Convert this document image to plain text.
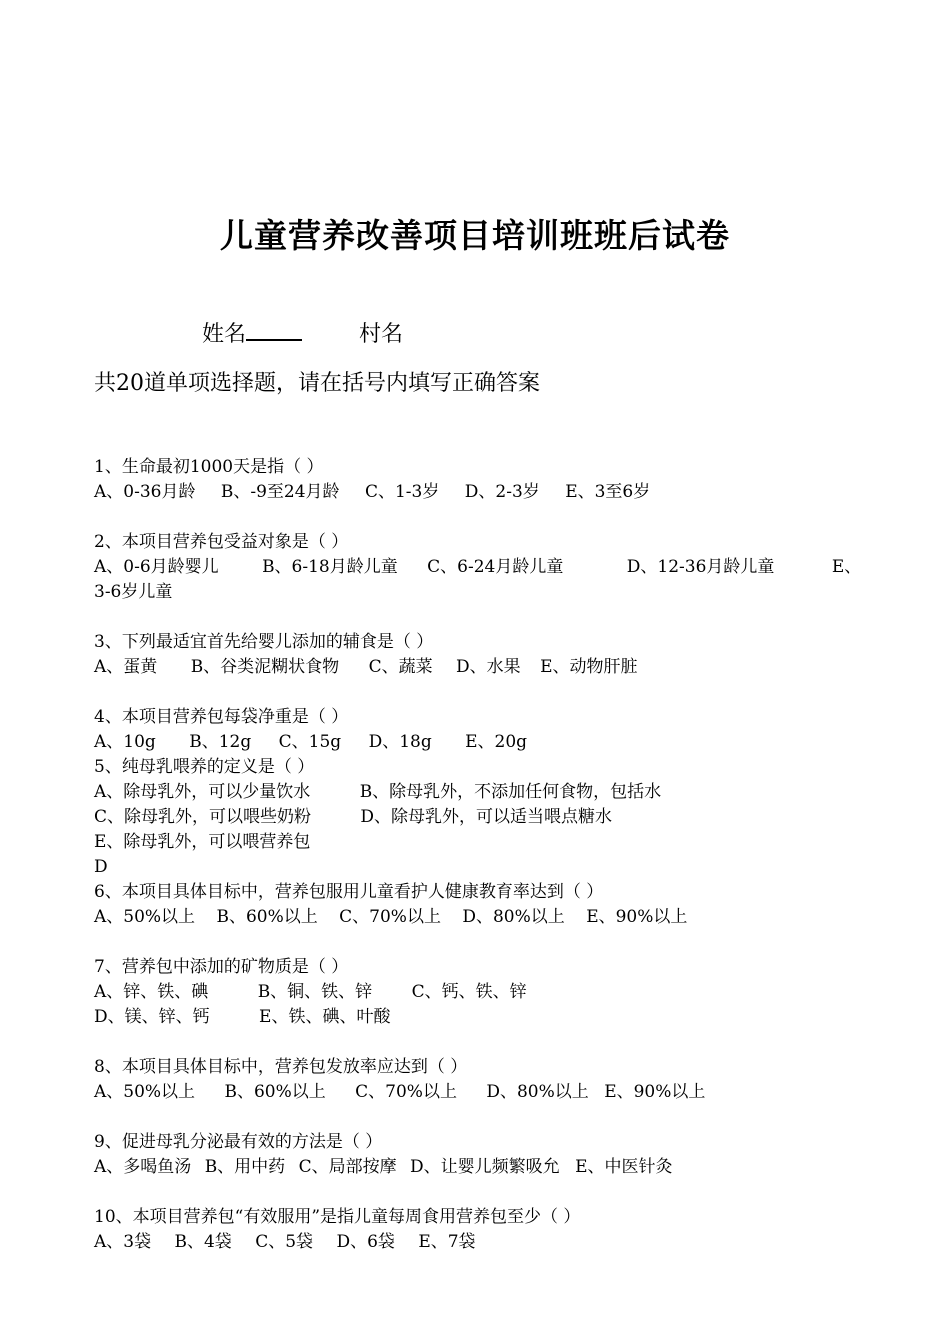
儿童营养改善项目培训班班后试卷
姓名	村名
共20道单项选择题，请在括号内填写正确答案
1、生命最初1000天是指（ ）
A、0-36月龄 B、-9至24月龄 C、1-3岁 D、2-3岁 E、3至6岁
2、本项目营养包受益对象是（ ）
A、0-6月龄婴儿	B、6-18月龄儿童 C、6-24月龄儿童	D、12-36月龄儿童	E、
3-6岁儿童
3、下列最适宜首先给婴儿添加的辅食是（ ）
A、蛋黄 B、谷类泥糊状食物 C、蔬菜 D、水果 E、动物肝脏
4、本项目营养包每袋净重是（ ）
A、10g B、12g C、15g D、18g E、20g
5、纯母乳喂养的定义是（ ）
A、除母乳外，可以少量饮水	B、除母乳外，不添加任何食物，包括水
C、除母乳外，可以喂些奶粉	D、除母乳外，可以适当喂点糖水
E、除母乳外，可以喂营养包
D
6、本项目具体目标中，营养包服用儿童看护人健康教育率达到（ ）
A、50%以上 B、60%以上 C、70%以上 D、80%以上 E、90%以上
7、营养包中添加的矿物质是（ ）
A、锌、铁、碘	B、铜、铁、锌 C、钙、铁、锌
D、镁、锌、钙	E、铁、碘、叶酸
8、本项目具体目标中，营养包发放率应达到（ ）
A、50%以上 B、60%以上 C、70%以上 D、80%以上 E、90%以上
9、促进母乳分泌最有效的方法是（ ）
A、多喝鱼汤 B、用中药 C、局部按摩 D、让婴儿频繁吸允 E、中医针灸
10、本项目营养包“有效服用”是指儿童每周食用营养包至少（ ）
A、3袋 B、4袋 C、5袋 D、6袋 E、7袋
